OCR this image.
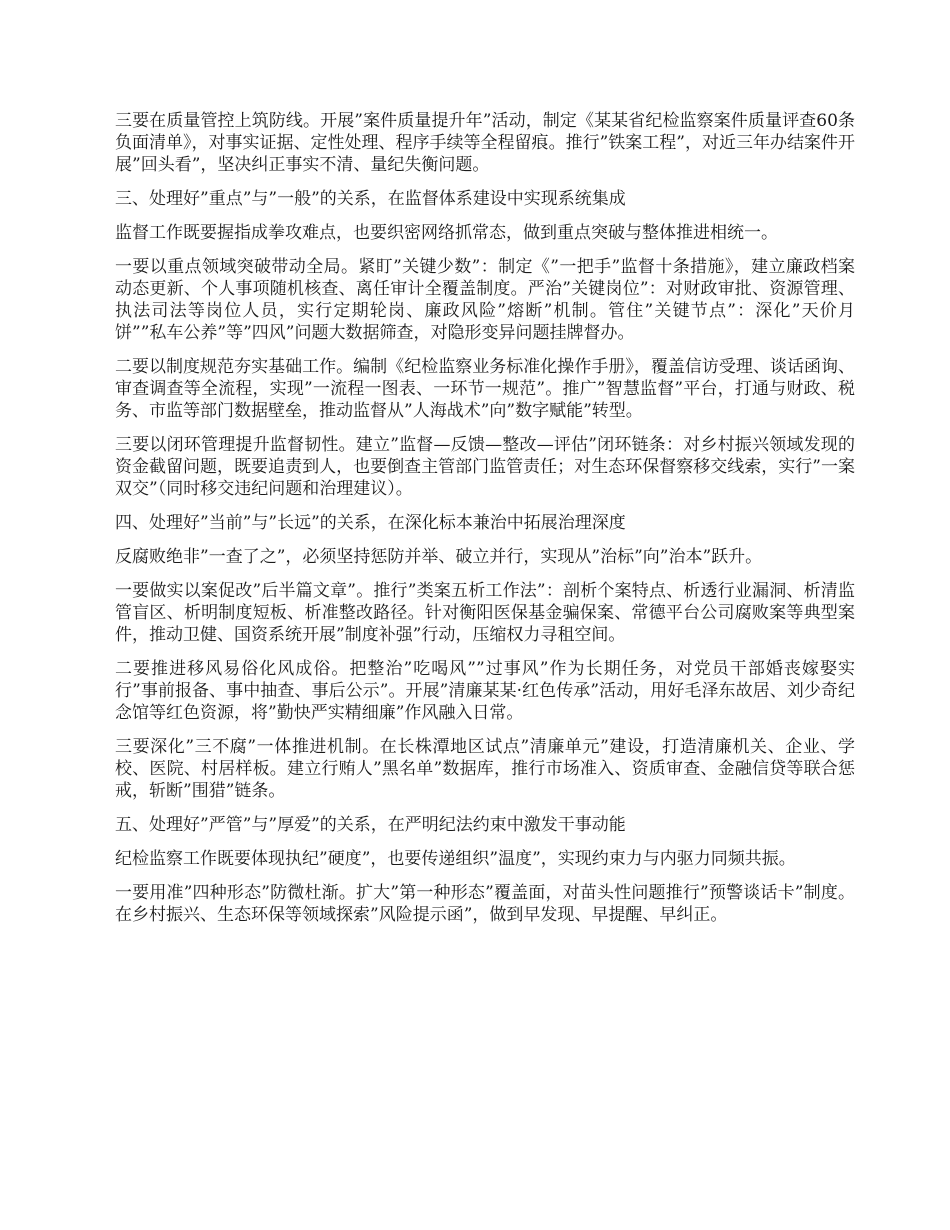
三要在质量管控上筑防线。开展”案件质量提升年”活动，制定《某某省纪检监察案件质量评查60条负面清单》，对事实证据、定性处理、程序手续等全程留痕。推行”铁案工程”，对近三年办结案件开展”回头看”，坚决纠正事实不清、量纪失衡问题。

三、处理好”重点”与”一般”的关系，在监督体系建设中实现系统集成

监督工作既要握指成拳攻难点，也要织密网络抓常态，做到重点突破与整体推进相统一。

一要以重点领域突破带动全局。紧盯”关键少数”：制定《”一把手”监督十条措施》，建立廉政档案动态更新、个人事项随机核查、离任审计全覆盖制度。严治”关键岗位”：对财政审批、资源管理、执法司法等岗位人员，实行定期轮岗、廉政风险”熔断”机制。管住”关键节点”：深化”天价月饼””私车公养”等”四风”问题大数据筛查，对隐形变异问题挂牌督办。

二要以制度规范夯实基础工作。编制《纪检监察业务标准化操作手册》，覆盖信访受理、谈话函询、审查调查等全流程，实现”一流程一图表、一环节一规范”。推广”智慧监督”平台，打通与财政、税务、市监等部门数据壁垒，推动监督从”人海战术”向”数字赋能”转型。

三要以闭环管理提升监督韧性。建立”监督—反馈—整改—评估”闭环链条：对乡村振兴领域发现的资金截留问题，既要追责到人，也要倒查主管部门监管责任；对生态环保督察移交线索，实行”一案双交”（同时移交违纪问题和治理建议）。

四、处理好”当前”与”长远”的关系，在深化标本兼治中拓展治理深度

反腐败绝非”一查了之”，必须坚持惩防并举、破立并行，实现从”治标”向”治本”跃升。

一要做实以案促改”后半篇文章”。推行”类案五析工作法”：剖析个案特点、析透行业漏洞、析清监管盲区、析明制度短板、析准整改路径。针对衡阳医保基金骗保案、常德平台公司腐败案等典型案件，推动卫健、国资系统开展”制度补强”行动，压缩权力寻租空间。

二要推进移风易俗化风成俗。把整治”吃喝风””过事风”作为长期任务，对党员干部婚丧嫁娶实行”事前报备、事中抽查、事后公示”。开展”清廉某某·红色传承”活动，用好毛泽东故居、刘少奇纪念馆等红色资源，将”勤快严实精细廉”作风融入日常。

三要深化”三不腐”一体推进机制。在长株潭地区试点”清廉单元”建设，打造清廉机关、企业、学校、医院、村居样板。建立行贿人”黑名单”数据库，推行市场准入、资质审查、金融信贷等联合惩戒，斩断”围猎”链条。

五、处理好”严管”与”厚爱”的关系，在严明纪法约束中激发干事动能

纪检监察工作既要体现执纪”硬度”，也要传递组织”温度”，实现约束力与内驱力同频共振。

一要用准”四种形态”防微杜渐。扩大”第一种形态”覆盖面，对苗头性问题推行”预警谈话卡”制度。在乡村振兴、生态环保等领域探索”风险提示函”，做到早发现、早提醒、早纠正。
